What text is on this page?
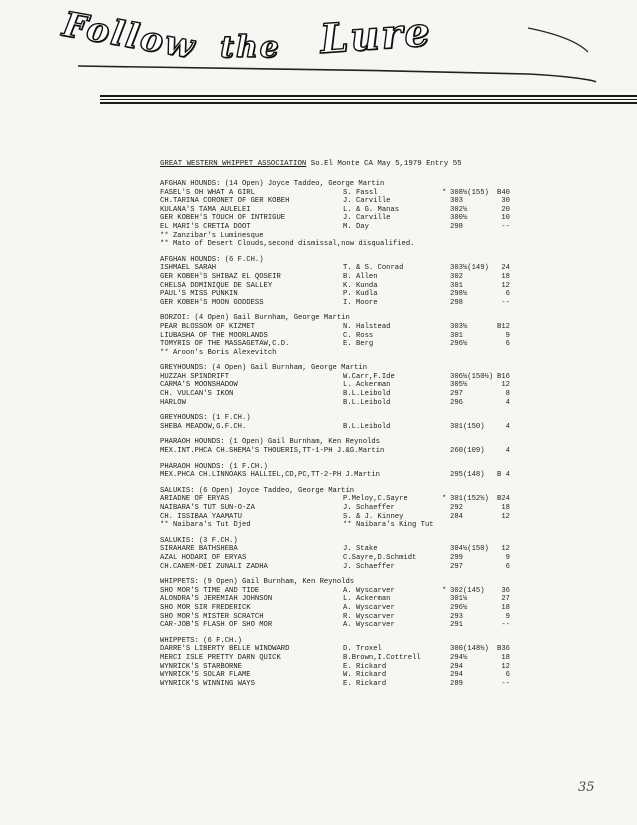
Follow the Lure
GREAT WESTERN WHIPPET ASSOCIATION So.El Monte CA May 5,1979 Entry 55
AFGHAN HOUNDS: (14 Open) Joyce Taddeo, George Martin
FASEL'S OH WHAT A GIRL	S. Fassl	* 308½(155)	B40
CH.TARINA CORONET OF GER KOBEH	J. Carville	303	30
KULANA'S TAMA AULELEI	L. & G. Manas	302½	20
GER KOBEH'S TOUCH OF INTRIGUE	J. Carville	300½	10
EL MARI'S CRETIA DOOT	M. Day	298	--
** Zanzibar's Luminesque
** Mato of Desert Clouds,second dismissal,now disqualified.
AFGHAN HOUNDS: (6 F.CH.)
ISHMAEL SARAH	T. & S. Conrad	303½(149)	24
GER KOBEH'S SHIBAZ EL QOSEIR	B. Allen	302	18
CHELSA DOMINIQUE DE SALLEY	K. Kunda	301	12
PAUL'S MISS PUNKIN	P. Kudla	298½	6
GER KOBEH'S MOON GODDESS	I. Moore	298	--
BORZOI: (4 Open) Gail Burnham, George Martin
PEAR BLOSSOM OF KIZMET	N. Halstead	303½	B12
LIUBASHA OF THE MOORLANDS	C. Ross	301	9
TOMYRIS OF THE MASSAGETAW,C.D.	E. Berg	296½	6
** Aroon's Boris Alexevitch
GREYHOUNDS: (4 Open) Gail Burnham, George Martin
HUZZAH SPINDRIFT	W.Carr,F.Ide	306½(150½) B16
CARMA'S MOONSHADOW	L. Ackerman	305½	12
CH. VULCAN'S IKON	B.L.Leibold	297	8
HARLOW	B.L.Leibold	296	4
GREYHOUNDS: (1 F.CH.)
SHEBA MEADOW,G.F.CH.	B.L.Leibold	301(150)	4
PHARAOH HOUNDS: (1 Open) Gail Burnham, Ken Reynolds
MEX.INT.PHCA CH.SHEMA'S THOUERIS,TT-1-PH J.&G.Martin	260(109)	4
PHARAOH HOUNDS: (1 F.CH.)
MEX.PHCA CH.LINNOAKS HALLIEL,CD,PC,TT-2-PH J.Martin	295(148)	B 4
SALUKIS: (6 Open) Joyce Taddeo, George Martin
ARIADNE OF ERYAS	P.Meloy,C.Sayre	* 301(152½)	B24
NAIBARA'S TUT SUN-O-ZA	J. Schaeffer	292	18
CH. ISSIBAA YAAMATU	S. & J. Kinney	284	12
** Naibara's Tut Djed	** Naibara's King Tut
SALUKIS: (3 F.CH.)
SIRAHARE BATHSHEBA	J. Stake	304½(150)	12
AZAL HODARI OF ERYAS	C.Sayre,D.Schmidt	299	9
CH.CANEM-DEI ZUNALI ZADHA	J. Schaeffer	297	6
WHIPPETS: (9 Open) Gail Burnham, Ken Reynolds
SHO MOR'S TIME AND TIDE	A. Wyscarver	* 302(145)	36
ALONDRA'S JEREMIAH JOHNSON	L. Ackerman	301½	27
SHO MOR SIR FREDERICK	A. Wyscarver	296½	18
SHO MOR'S MISTER SCRATCH	R. Wyscarver	293	9
CAR-JOB'S FLASH OF SHO MOR	A. Wyscarver	291	--
WHIPPETS: (6 F.CH.)
DARRE'S LIBERTY BELLE WINDWARD	D. Troxel	300(148½)	B36
MERCI ISLE PRETTY DARN QUICK	B.Brown,I.Cottrell	294½	18
WYNRICK'S STARBORNE	E. Rickard	294	12
WYNRICK'S SOLAR FLAME	W. Rickard	294	6
WYNRICK'S WINNING WAYS	E. Rickard	289	--
35
